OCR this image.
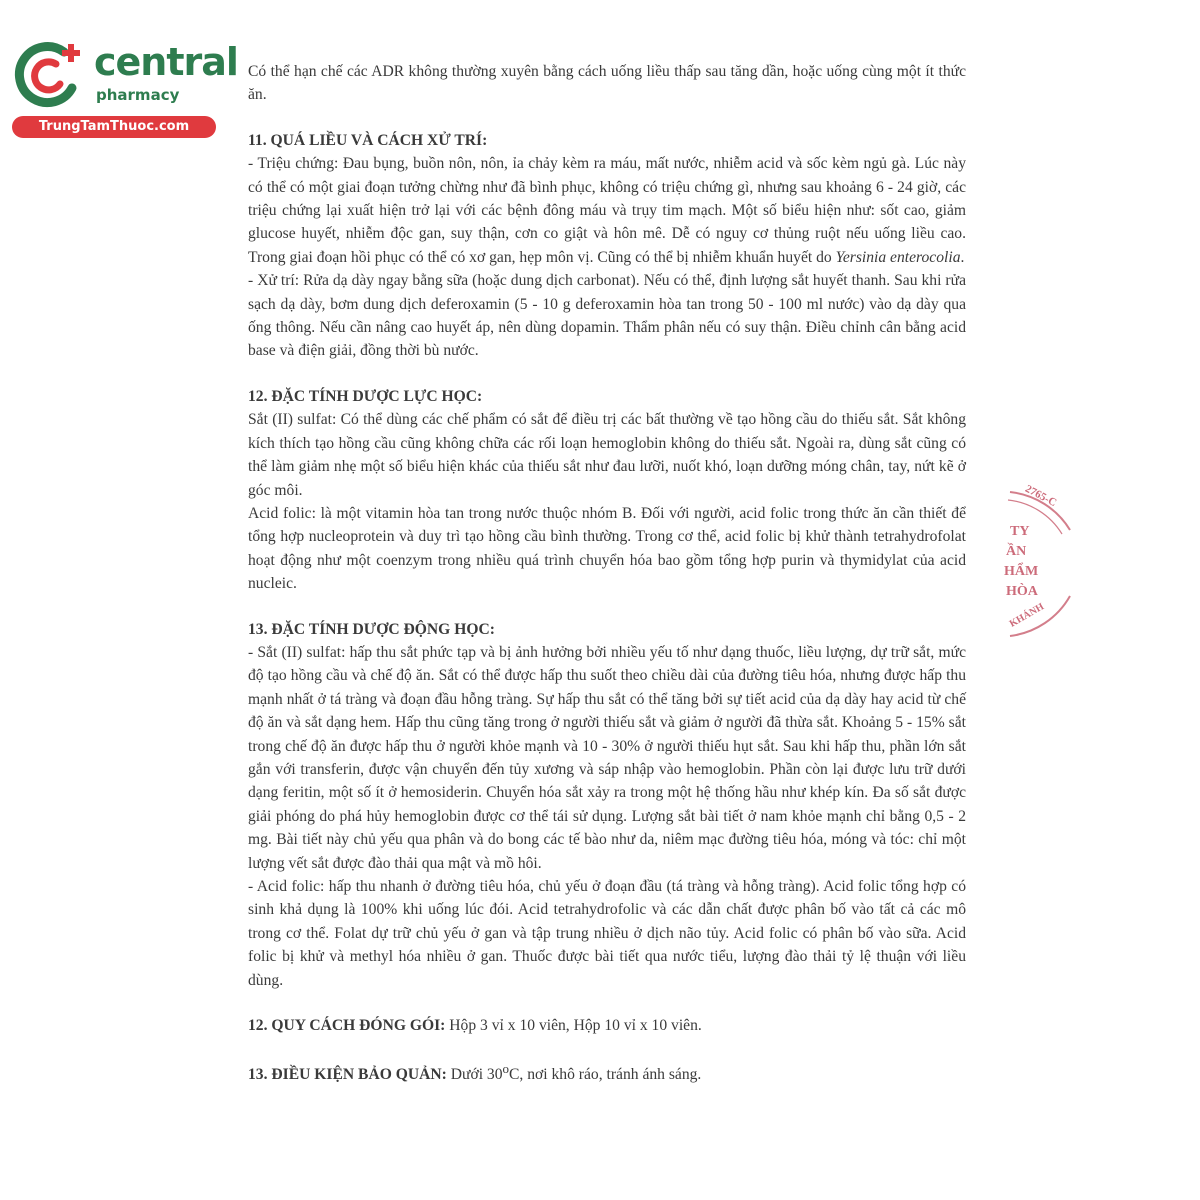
central
pharmacy
TrungTamThuoc.com

Có thể hạn chế các ADR không thường xuyên bằng cách uống liều thấp sau tăng dần, hoặc uống cùng một ít thức ăn.

11. QUÁ LIỀU VÀ CÁCH XỬ TRÍ:

- Triệu chứng: Đau bụng, buồn nôn, nôn, ỉa chảy kèm ra máu, mất nước, nhiễm acid và sốc kèm ngủ gà. Lúc này có thể có một giai đoạn tưởng chừng như đã bình phục, không có triệu chứng gì, nhưng sau khoảng 6 - 24 giờ, các triệu chứng lại xuất hiện trở lại với các bệnh đông máu và trụy tim mạch. Một số biểu hiện như: sốt cao, giảm glucose huyết, nhiễm độc gan, suy thận, cơn co giật và hôn mê. Dễ có nguy cơ thủng ruột nếu uống liều cao. Trong giai đoạn hồi phục có thể có xơ gan, hẹp môn vị. Cũng có thể bị nhiễm khuẩn huyết do Yersinia enterocolia.

- Xử trí: Rửa dạ dày ngay bằng sữa (hoặc dung dịch carbonat). Nếu có thể, định lượng sắt huyết thanh. Sau khi rửa sạch dạ dày, bơm dung dịch deferoxamin (5 - 10 g deferoxamin hòa tan trong 50 - 100 ml nước) vào dạ dày qua ống thông. Nếu cần nâng cao huyết áp, nên dùng dopamin. Thẩm phân nếu có suy thận. Điều chỉnh cân bằng acid base và điện giải, đồng thời bù nước.

12. ĐẶC TÍNH DƯỢC LỰC HỌC:

Sắt (II) sulfat: Có thể dùng các chế phẩm có sắt để điều trị các bất thường về tạo hồng cầu do thiếu sắt. Sắt không kích thích tạo hồng cầu cũng không chữa các rối loạn hemoglobin không do thiếu sắt. Ngoài ra, dùng sắt cũng có thể làm giảm nhẹ một số biểu hiện khác của thiếu sắt như đau lưỡi, nuốt khó, loạn dưỡng móng chân, tay, nứt kẽ ở góc môi.

Acid folic: là một vitamin hòa tan trong nước thuộc nhóm B. Đối với người, acid folic trong thức ăn cần thiết để tổng hợp nucleoprotein và duy trì tạo hồng cầu bình thường. Trong cơ thể, acid folic bị khử thành tetrahydrofolat hoạt động như một coenzym trong nhiều quá trình chuyển hóa bao gồm tổng hợp purin và thymidylat của acid nucleic.

13. ĐẶC TÍNH DƯỢC ĐỘNG HỌC:

- Sắt (II) sulfat: hấp thu sắt phức tạp và bị ảnh hưởng bởi nhiều yếu tố như dạng thuốc, liều lượng, dự trữ sắt, mức độ tạo hồng cầu và chế độ ăn. Sắt có thể được hấp thu suốt theo chiều dài của đường tiêu hóa, nhưng được hấp thu mạnh nhất ở tá tràng và đoạn đầu hỗng tràng. Sự hấp thu sắt có thể tăng bởi sự tiết acid của dạ dày hay acid từ chế độ ăn và sắt dạng hem. Hấp thu cũng tăng trong ở người thiếu sắt và giảm ở người đã thừa sắt. Khoảng 5 - 15% sắt trong chế độ ăn được hấp thu ở người khỏe mạnh và 10 - 30% ở người thiếu hụt sắt. Sau khi hấp thu, phần lớn sắt gắn với transferin, được vận chuyển đến tủy xương và sáp nhập vào hemoglobin. Phần còn lại được lưu trữ dưới dạng feritin, một số ít ở hemosiderin. Chuyển hóa sắt xảy ra trong một hệ thống hầu như khép kín. Đa số sắt được giải phóng do phá hủy hemoglobin được cơ thể tái sử dụng. Lượng sắt bài tiết ở nam khỏe mạnh chỉ bằng 0,5 - 2 mg. Bài tiết này chủ yếu qua phân và do bong các tế bào như da, niêm mạc đường tiêu hóa, móng và tóc: chỉ một lượng vết sắt được đào thải qua mật và mồ hôi.

- Acid folic: hấp thu nhanh ở đường tiêu hóa, chủ yếu ở đoạn đầu (tá tràng và hỗng tràng). Acid folic tổng hợp có sinh khả dụng là 100% khi uống lúc đói. Acid tetrahydrofolic và các dẫn chất được phân bố vào tất cả các mô trong cơ thể. Folat dự trữ chủ yếu ở gan và tập trung nhiều ở dịch não tủy. Acid folic có phân bố vào sữa. Acid folic bị khử và methyl hóa nhiều ở gan. Thuốc được bài tiết qua nước tiểu, lượng đào thải tỷ lệ thuận với liều dùng.

12. QUY CÁCH ĐÓNG GÓI: Hộp 3 vỉ x 10 viên, Hộp 10 vỉ x 10 viên.

13. ĐIỀU KIỆN BẢO QUẢN: Dưới 30$^o$C, nơi khô ráo, tránh ánh sáng.

2765-C
TY
ẦN
HẨM
HÒA
KHÁNH
